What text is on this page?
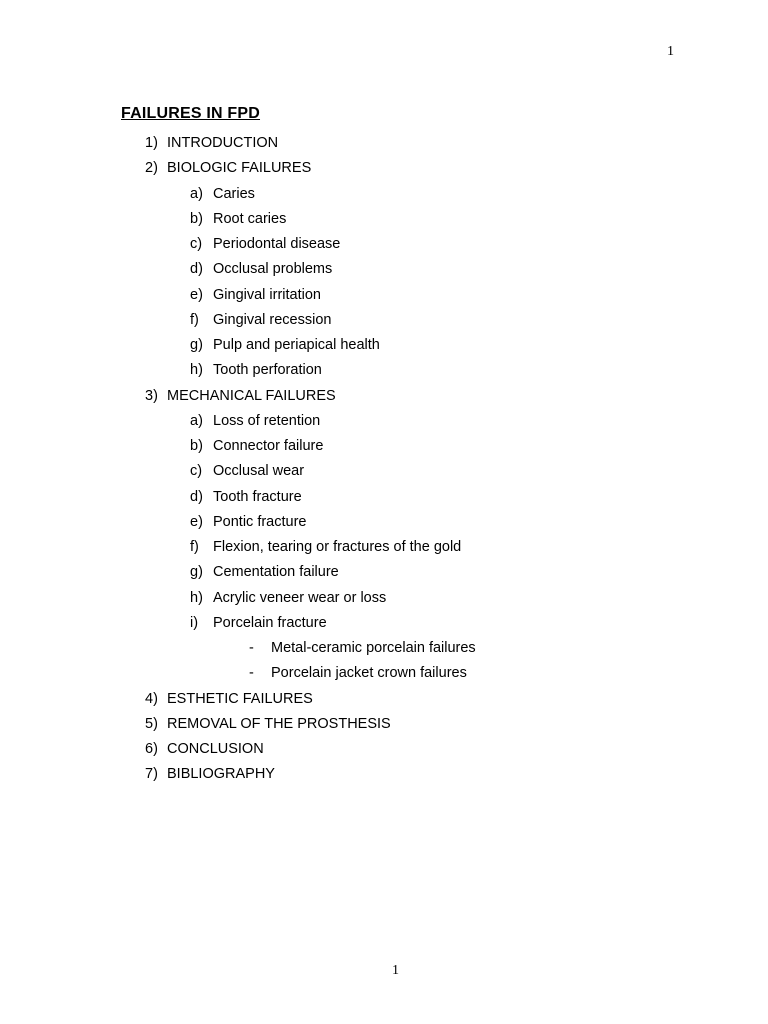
1
FAILURES IN FPD
1) INTRODUCTION
2) BIOLOGIC FAILURES
a) Caries
b) Root caries
c) Periodontal disease
d) Occlusal problems
e) Gingival irritation
f) Gingival recession
g) Pulp and periapical health
h) Tooth perforation
3) MECHANICAL FAILURES
a) Loss of retention
b) Connector failure
c) Occlusal wear
d) Tooth fracture
e) Pontic fracture
f) Flexion, tearing or fractures of the gold
g) Cementation failure
h) Acrylic veneer wear or loss
i) Porcelain fracture
- Metal-ceramic porcelain failures
- Porcelain jacket crown failures
4) ESTHETIC FAILURES
5) REMOVAL OF THE PROSTHESIS
6) CONCLUSION
7) BIBLIOGRAPHY
1
